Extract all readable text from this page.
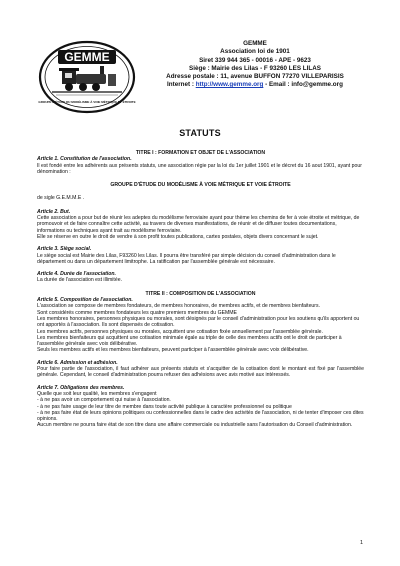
GEMME
GROUPE D'ÉTUDE DU MODÉLISME À VOIE MÉTRIQUE ET ÉTROITE
GEMME
Association loi de 1901
Siret 339 944 365 - 00016 - APE - 9623
Siège : Mairie des Lilas - F 93260 LES LILAS
Adresse postale : 11, avenue BUFFON 77270 VILLEPARISIS
Internet : http://www.gemme.org - Email : info@gemme.org
STATUTS

TITRE I : FORMATION ET OBJET DE L'ASSOCIATION

Article 1. Constitution de l'association.

Il est fondé entre les adhérents aux présents statuts, une association régie par la loi du 1er juillet 1901 et le décret du 16 aout 1901, ayant pour dénomination :

GROUPE D'ÉTUDE DU MODÉLISME À VOIE MÉTRIQUE ET VOIE ÉTROITE

de sigle G.E.M.M.E .

Article 2. But.

Cette association a pour but de réunir les adeptes du modélisme ferroviaire ayant pour thème les chemins de fer à voie étroite et métrique, de promouvoir et de faire connaître cette activité, au travers de diverses manifestations, de réunir et de diffuser toutes documentations, informations ou techniques ayant trait au modélisme ferroviaire.

Elle se réserve en outre le droit de vendre à son profit toutes publications, cartes postales, objets divers concernant le sujet.

Article 3. Siège social.

Le siège social est Mairie des Lilas, F93260 les Lilas. Il pourra être transféré par simple décision du conseil d'administration dans le département ou dans un département limitrophe. La ratification par l'assemblée générale est nécessaire.

Article 4. Durée de l'association.

La durée de l'association est illimitée.

TITRE II : COMPOSITION DE L'ASSOCIATION

Article 5. Composition de l'association.

L'association se compose de membres fondateurs, de membres honoraires, de membres actifs, et de membres bienfaiteurs.

Sont considérés comme membres fondateurs les quatre premiers membres du GEMME

Les membres honoraires, personnes physiques ou morales, sont désignés par le conseil d'administration pour les soutiens qu'ils apportent ou ont apportés à l'association. Ils sont dispensés de cotisation.

Les membres actifs, personnes physiques ou morales, acquittent une cotisation fixée annuellement par l'assemblée générale.

Les membres bienfaiteurs qui acquittent une cotisation minimale égale au triple de celle des membres actifs ont le droit de participer à l'assemblée générale avec voix délibérative.

Seuls les membres actifs et les membres bienfaiteurs, peuvent participer à l'assemblée générale avec voix délibérative.

Article 6. Admission et adhésion.

Pour faire partie de l'association, il faut adhérer aux présents statuts et s'acquitter de la cotisation dont le montant est fixé par l'assemblée générale. Cependant, le conseil d'administration pourra refuser des adhésions avec avis motivé aux intéressés.

Article 7. Obligations des membres.

Quelle que soit leur qualité, les membres s'engagent

- à ne pas avoir un comportement qui nuise à l'association.

- à ne pas faire usage de leur titre de membre dans toute activité publique à caractère professionnel ou politique

- à ne pas faire état de leurs opinions politiques ou confessionnelles dans le cadre des activités de l'association, ni de tenter d'imposer ces dites opinions.

Aucun membre ne pourra faire état de son titre dans une affaire commerciale ou industrielle sans l'autorisation du Conseil d'administration.

1
